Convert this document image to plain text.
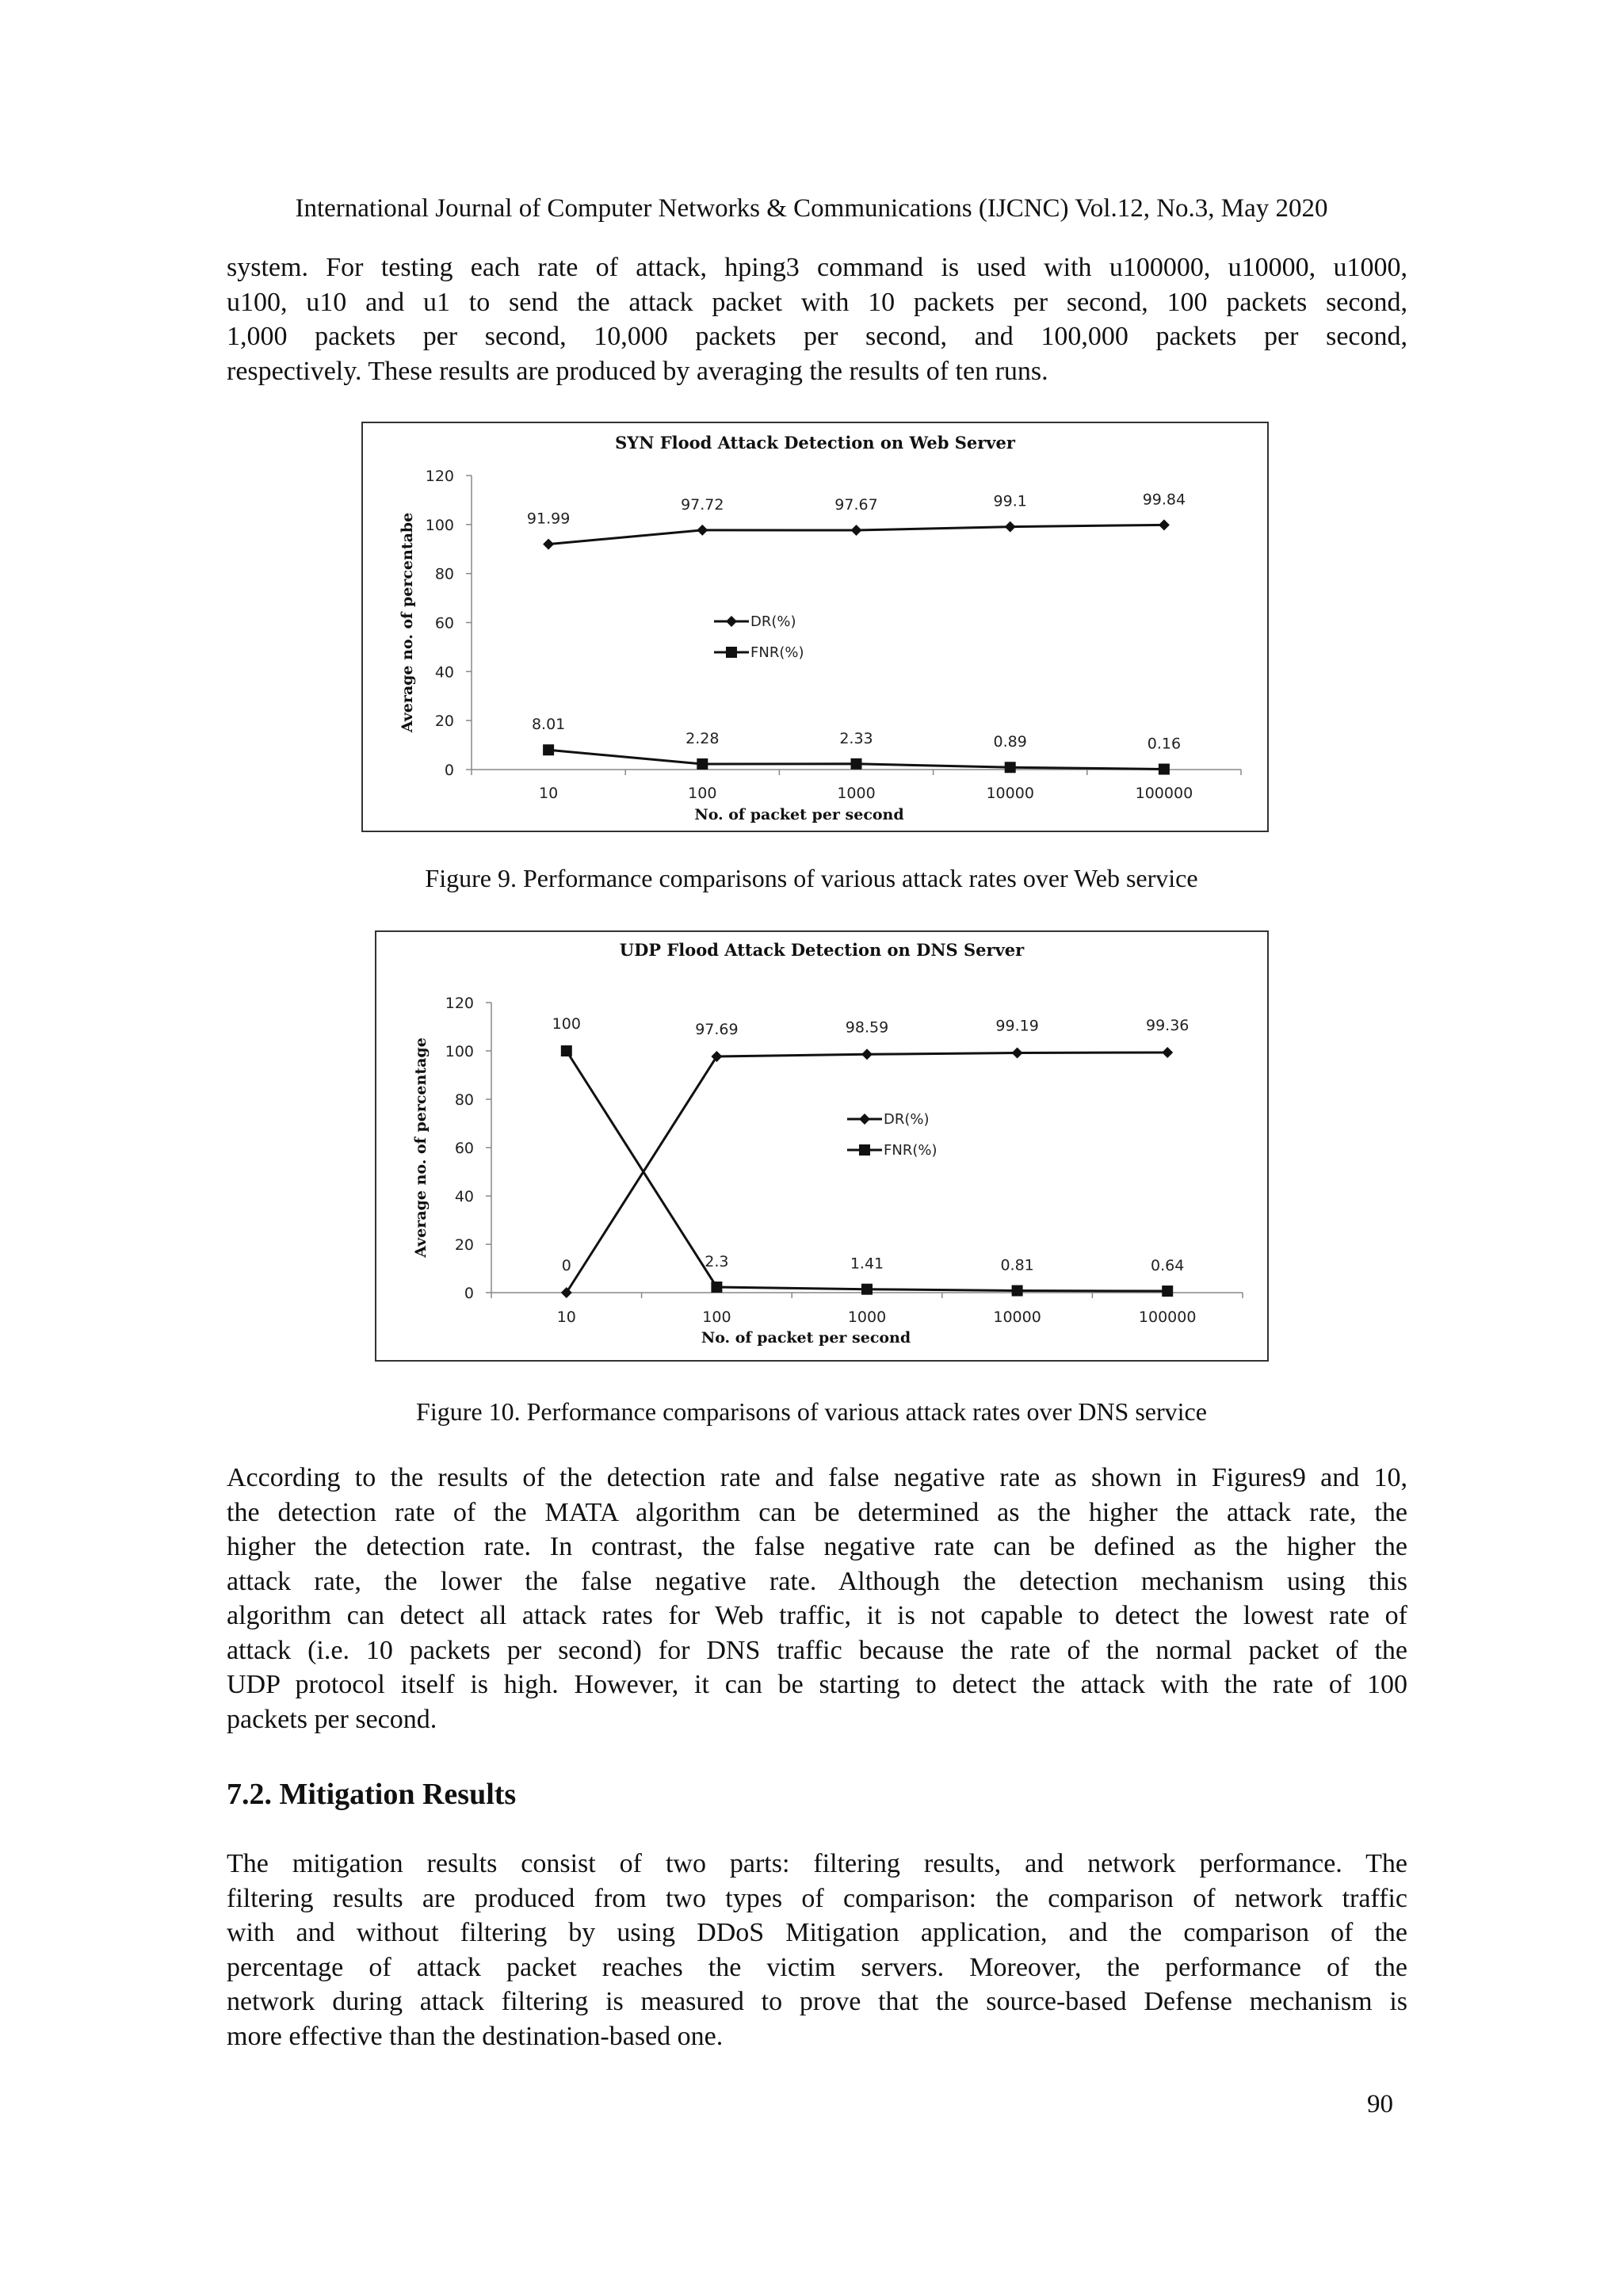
International Journal of Computer Networks & Communications (IJCNC) Vol.12, No.3, May 2020
system. For testing each rate of attack, hping3 command is used with u100000, u10000, u1000,
u100, u10 and u1 to send the attack packet with 10 packets per second, 100 packets second,
1,000 packets per second, 10,000 packets per second, and 100,000 packets per second,
respectively. These results are produced by averaging the results of ten runs.
SYN Flood Attack Detection on Web Server
0
20
40
60
80
100
120
10	100	1000	10000	100000
No. of packet per second
Average no. of percentabe	91.99
97.72	97.67	99.1	99.84
8.01
2.28	2.33	0.89	0.16
DR(%)
FNR(%)
Figure 9. Performance comparisons of various attack rates over Web service
UDP Flood Attack Detection on DNS Server
0
20
40
60
80
100
120
10	100	1000	10000	100000
No. of packet per second
Average no. of percentage
0
97.69	98.59	99.19	99.36
100
2.3	1.41	0.81	0.64
DR(%)
FNR(%)
Figure 10. Performance comparisons of various attack rates over DNS service
According to the results of the detection rate and false negative rate as shown in Figures9 and 10,
the detection rate of the MATA algorithm can be determined as the higher the attack rate, the
higher the detection rate. In contrast, the false negative rate can be defined as the higher the
attack rate, the lower the false negative rate. Although the detection mechanism using this
algorithm can detect all attack rates for Web traffic, it is not capable to detect the lowest rate of
attack (i.e. 10 packets per second) for DNS traffic because the rate of the normal packet of the
UDP protocol itself is high. However, it can be starting to detect the attack with the rate of 100
packets per second.
7.2. Mitigation Results
The mitigation results consist of two parts: filtering results, and network performance. The
filtering results are produced from two types of comparison: the comparison of network traffic
with and without filtering by using DDoS Mitigation application, and the comparison of the
percentage of attack packet reaches the victim servers. Moreover, the performance of the
network during attack filtering is measured to prove that the source-based Defense mechanism is
more effective than the destination-based one.
90
